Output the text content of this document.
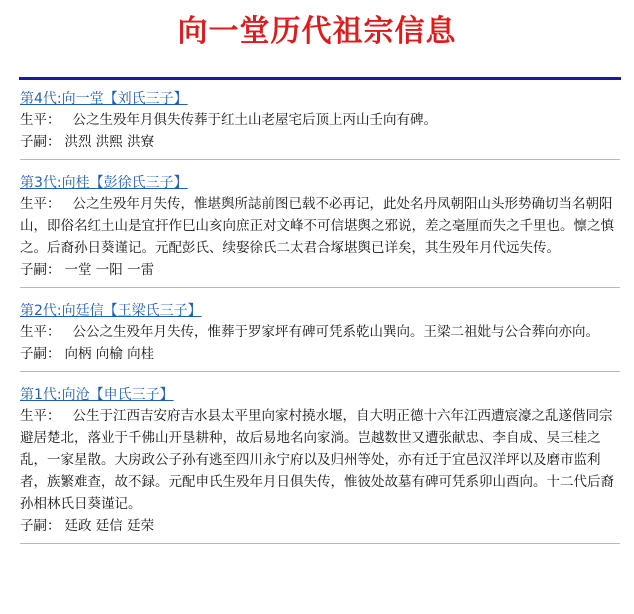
向一堂历代祖宗信息
第4代:向一堂【刘氏三子】

生平： 公之生殁年月俱失传葬于红土山老屋宅后顶上丙山壬向有碑。

子嗣： 洪烈 洪熙 洪寮

第3代:向桂【彭徐氏三子】

生平： 公之生殁年月失传，惟堪舆所誌前图已载不必再记，此处名丹凤朝阳山头形势确切当名朝阳山，即俗名红土山是宜扞作巳山亥向庶正对文峰不可信堪舆之邪说，差之毫厘而失之千里也。懔之慎之。后裔孙日葵谨记。元配彭氏、续娶徐氏二太君合塚堪舆已详矣，其生殁年月代远失传。

子嗣： 一堂 一阳 一雷

第2代:向廷信【王梁氏三子】

生平： 公公之生殁年月失传，惟葬于罗家坪有碑可凭系乾山巽向。王梁二祖妣与公合葬向亦向。

子嗣： 向柄 向榆 向桂

第1代:向沧【申氏三子】

生平： 公生于江西吉安府吉水县太平里向家村撓水堰，自大明正德十六年江西遭宸濠之乱遂偕同宗避居楚北，落业于千佛山开垦耕种，故后易地名向家淌。岂越数世又遭张献忠、李自成、吴三桂之乱，一家星散。大房政公子孙有逃至四川永宁府以及归州等处，亦有迁于宜邑汉洋坪以及磨市监利者，族繁难查，故不録。元配申氏生殁年月日俱失传，惟彼处故墓有碑可凭系卯山酉向。十二代后裔孙相林氏日葵谨记。

子嗣： 廷政 廷信 廷荣
